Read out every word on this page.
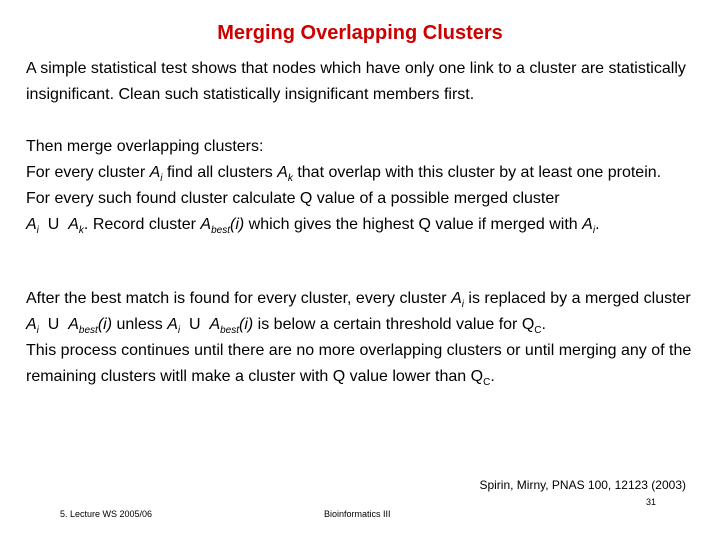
Merging Overlapping Clusters

A simple statistical test shows that nodes which have only one link to a cluster are statistically insignificant. Clean such statistically insignificant members first.

Then merge overlapping clusters:

For every cluster $A_i$ find all clusters $A_k$ that overlap with this cluster by at least one protein.

For every such found cluster calculate Q value of a possible merged cluster
$A_i$ U $A_k$. Record cluster $A_{best}(i)$ which gives the highest Q value if merged with $A_i$.

After the best match is found for every cluster, every cluster $A_i$ is replaced by a merged cluster $A_i$ U $A_{best}(i)$ unless $A_i$ U $A_{best}(i)$ is below a certain threshold value for $Q_C$.

This process continues until there are no more overlapping clusters or until merging any of the remaining clusters witll make a cluster with Q value lower than $Q_C$.

Spirin, Mirny, PNAS 100, 12123 (2003)
31
5. Lecture WS 2005/06	Bioinformatics III
